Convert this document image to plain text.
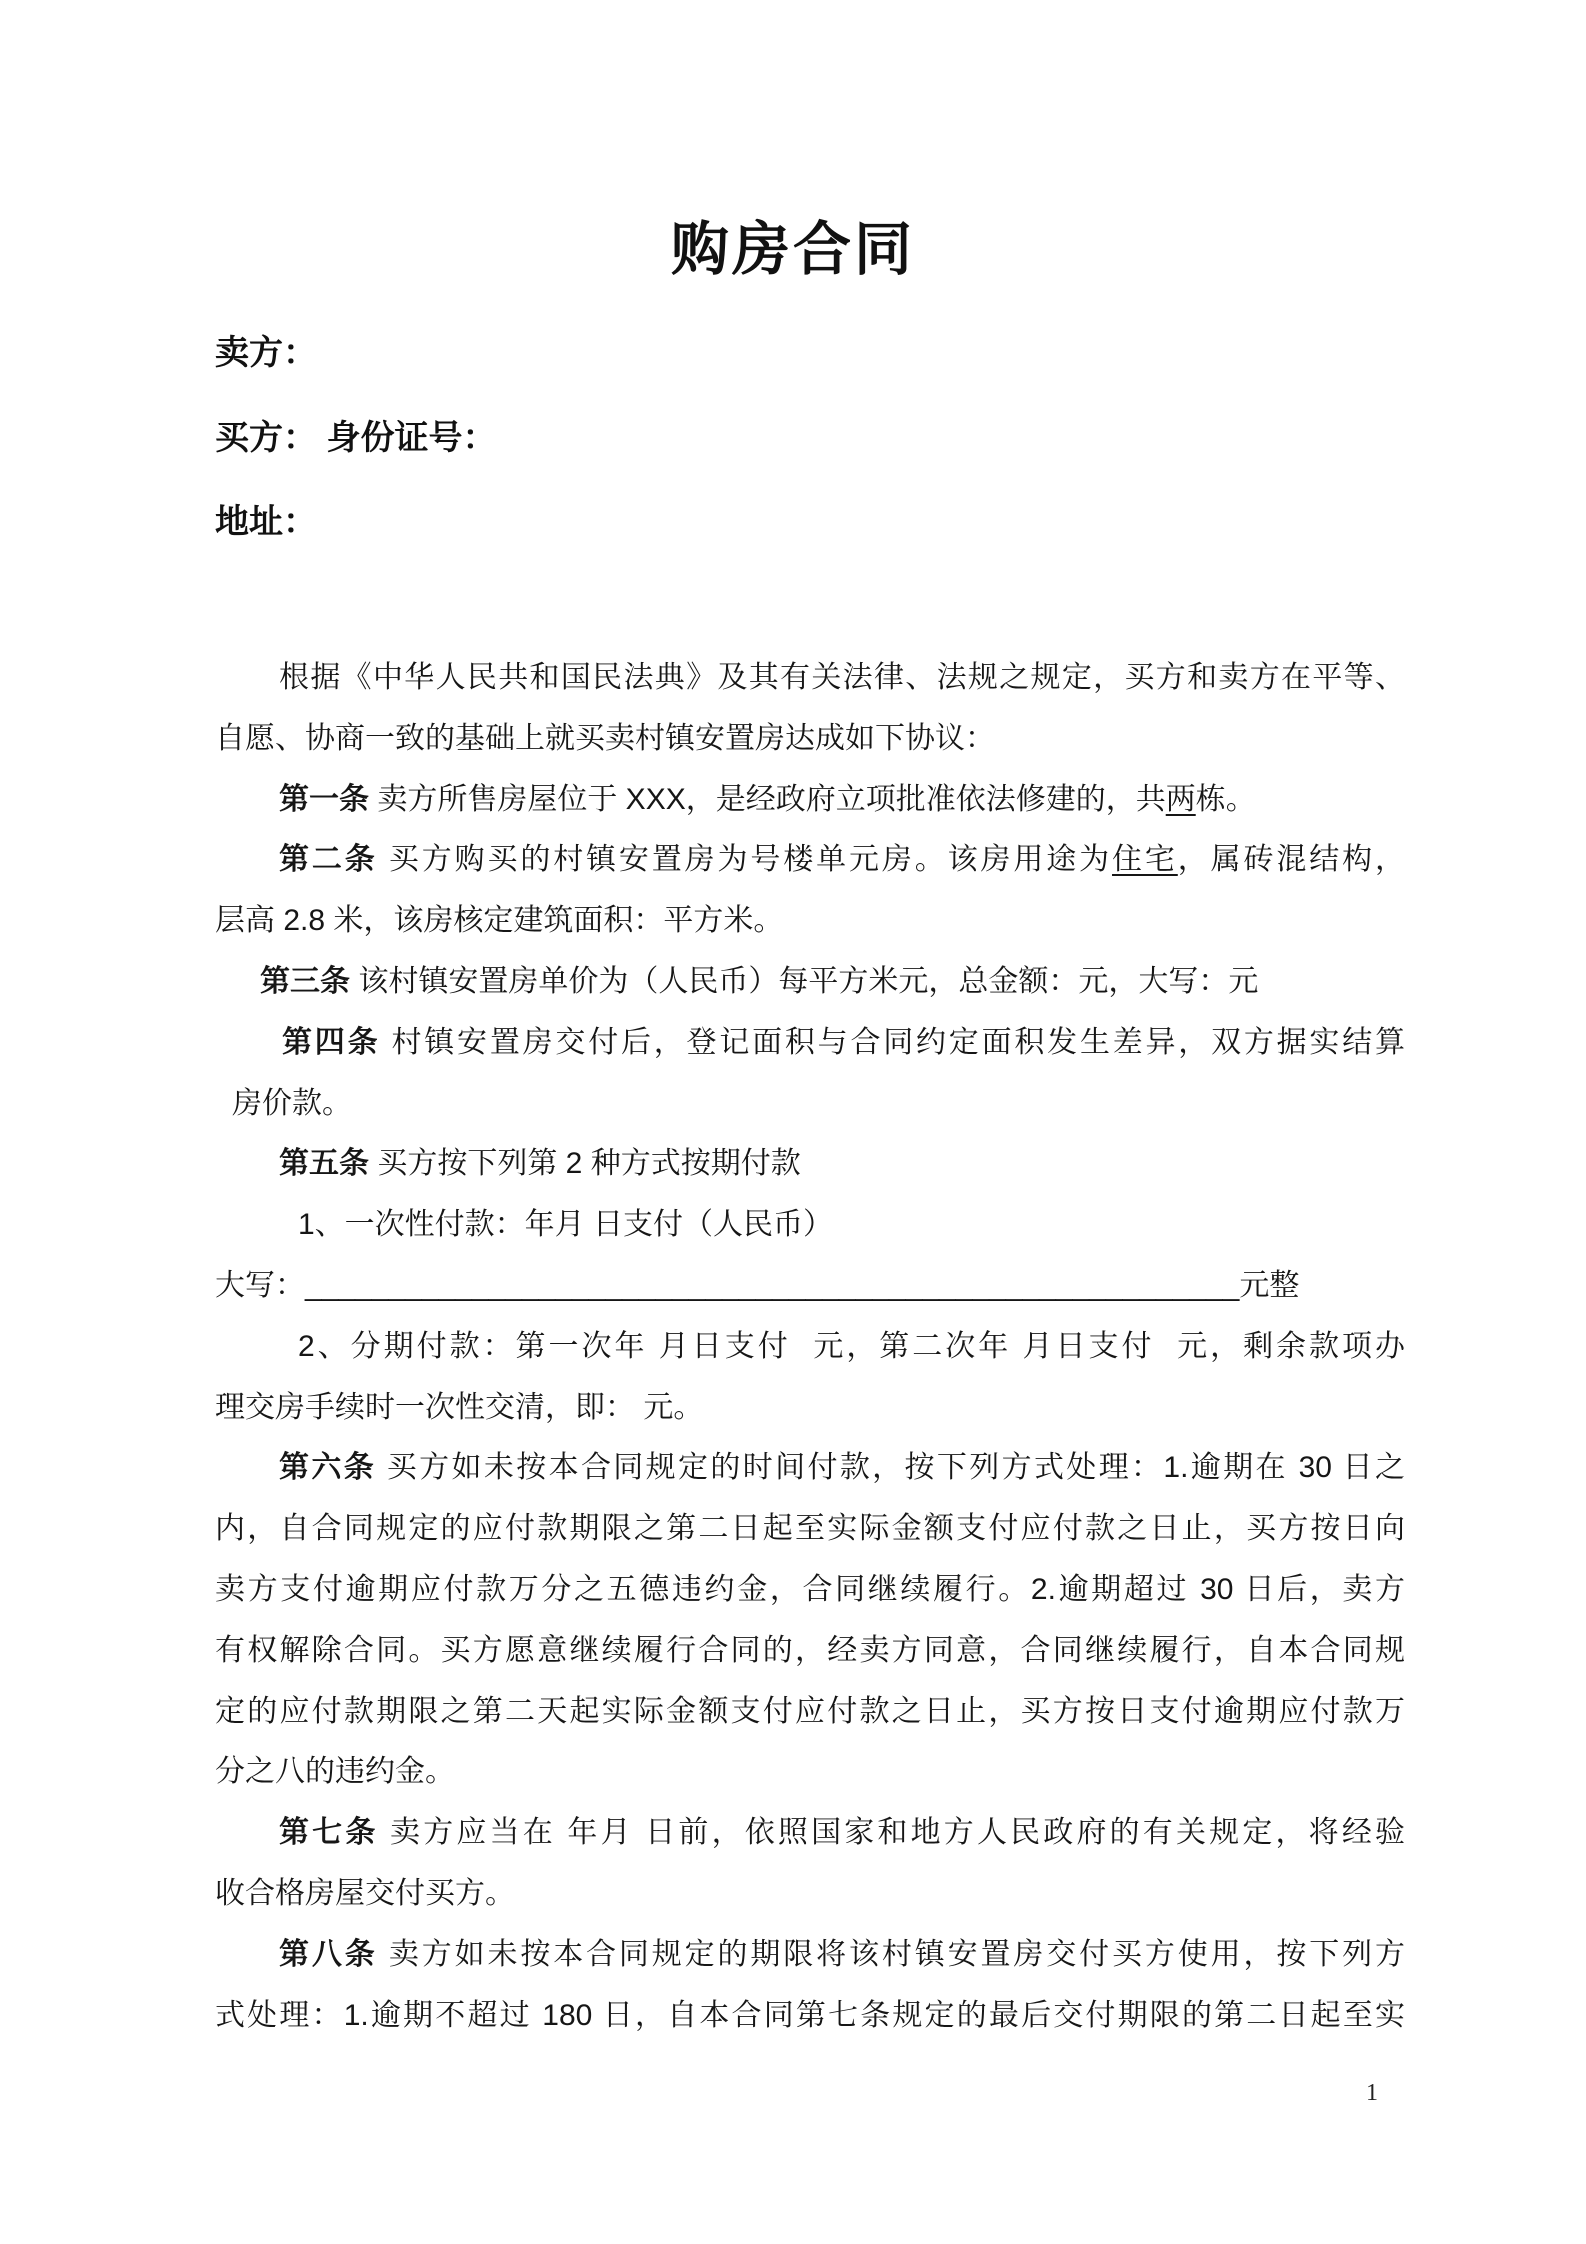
购房合同
卖方：
买方： 身份证号：
地址：
根据《中华人民共和国民法典》及其有关法律、法规之规定，买方和卖方在平等、
自愿、协商一致的基础上就买卖村镇安置房达成如下协议：
第一条 卖方所售房屋位于 XXX，是经政府立项批准依法修建的，共两栋。
第二条 买方购买的村镇安置房为号楼单元房。该房用途为住宅，属砖混结构，
层高 2.8 米，该房核定建筑面积：平方米。
第三条 该村镇安置房单价为（人民币）每平方米元，总金额：元，大写：元
第四条 村镇安置房交付后，登记面积与合同约定面积发生差异，双方据实结算
房价款。
第五条 买方按下列第 2 种方式按期付款
1、一次性付款：年月 日支付（人民币）
大写：________________________________________________________元整
2、分期付款：第一次年 月日支付  元，第二次年 月日支付  元，剩余款项办
理交房手续时一次性交清，即： 元。
第六条 买方如未按本合同规定的时间付款，按下列方式处理：1.逾期在 30 日之
内，自合同规定的应付款期限之第二日起至实际金额支付应付款之日止，买方按日向
卖方支付逾期应付款万分之五德违约金，合同继续履行。2.逾期超过 30 日后，卖方
有权解除合同。买方愿意继续履行合同的，经卖方同意，合同继续履行，自本合同规
定的应付款期限之第二天起实际金额支付应付款之日止，买方按日支付逾期应付款万
分之八的违约金。
第七条 卖方应当在 年月 日前，依照国家和地方人民政府的有关规定，将经验
收合格房屋交付买方。
第八条 卖方如未按本合同规定的期限将该村镇安置房交付买方使用，按下列方
式处理：1.逾期不超过 180 日，自本合同第七条规定的最后交付期限的第二日起至实
1
